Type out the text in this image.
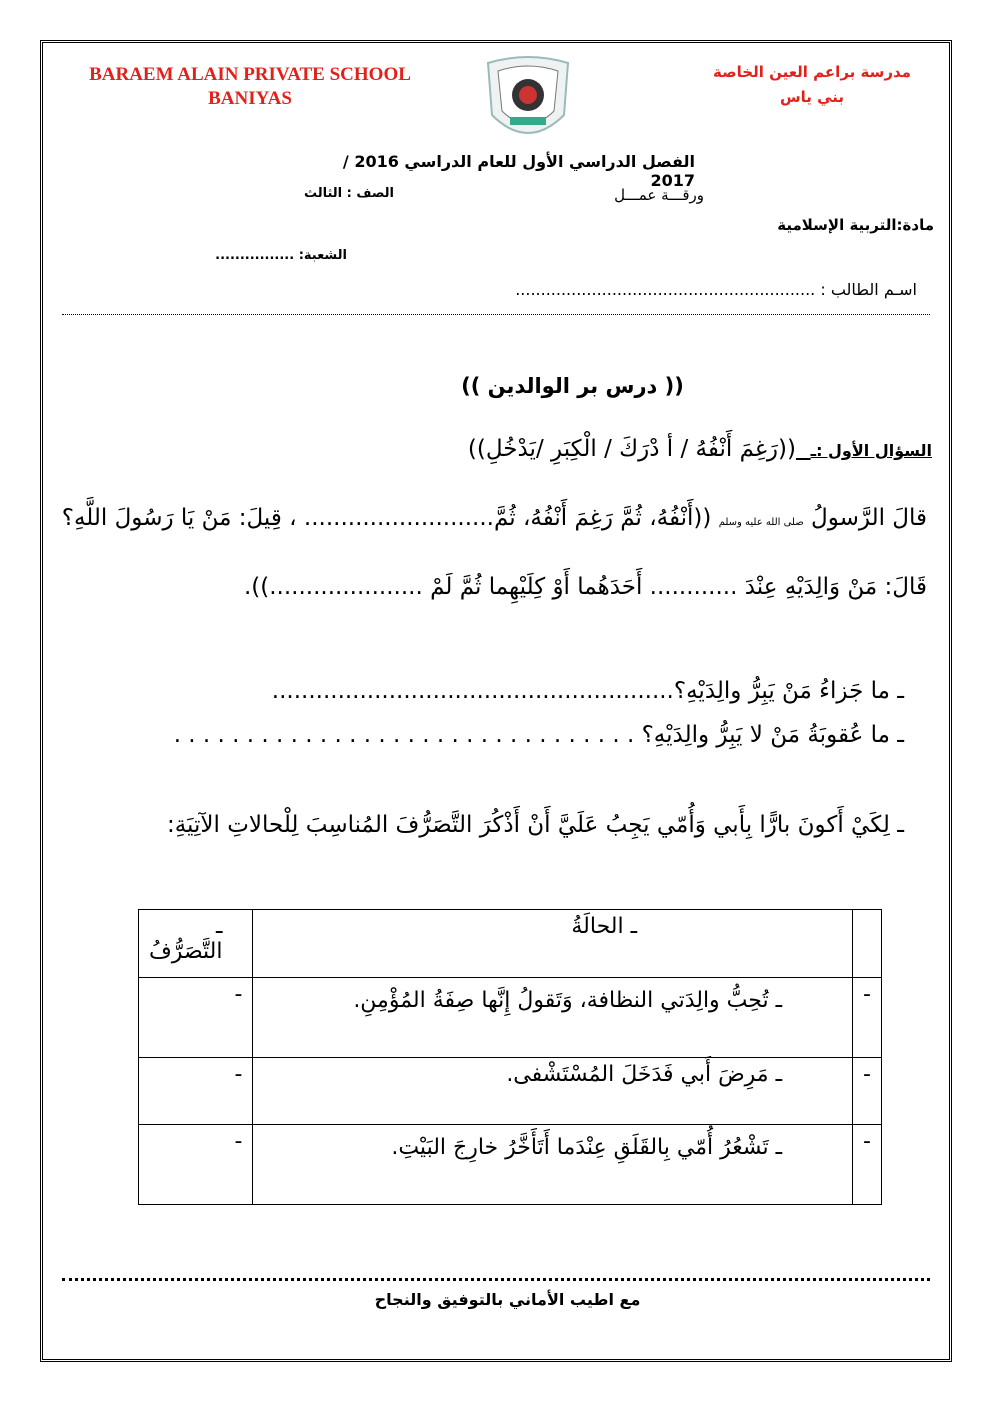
BARAEM ALAIN PRIVATE SCHOOL
BANIYAS
مدرسة براعم العين الخاصة
بني ياس
الفصل الدراسي الأول للعام الدراسي 2016 / 2017
ورقـــة عمـــل
الصف : الثالث
مادة:التربية الإسلامية
الشعبة: ................
اسـم الطالب : ...........................................................
(( درس بر الوالدين ))
السؤال الأول :ـ  ((رَغِمَ أَنْفُهُ / أ دْرَكَ / الْكِبَرِ /يَدْخُلِ))
قالَ الرَّسولُ صلى الله عليه وسلم ((أَنْفُهُ، ثُمَّ رَغِمَ أَنْفُهُ، ثُمَّ.......................... ، قِيلَ: مَنْ يَا رَسُولَ اللَّهِ؟
قَالَ: مَنْ وَالِدَيْهِ عِنْدَ ............ أَحَدَهُما أَوْ كِلَيْهِما ثُمَّ لَمْ .....................)).
ـ ما جَزاءُ مَنْ يَبِرُّ والِدَيْهِ؟.......................................................
ـ ما عُقوبَةُ مَنْ لا يَبِرُّ والِدَيْهِ؟ . . . . . . . . . . . . . . . . . . . . . . . . . . . . . . . .
ـ لِكَيْ أَكونَ بارًّا بِأَبي وَأُمّي يَجِبُ عَلَيَّ أَنْ أَذْكُرَ التَّصَرُّفَ المُناسِبَ لِلْحالاتِ الآتِيَةِ:
	ـ الحالَةُ	ـ التَّصَرُّفُ
-	ـ تُحِبُّ والِدَتي النظافة، وَتَقولُ إِنَّها صِفَةُ المُؤْمِنِ.	-
-	ـ مَرِضَ أَبي فَدَخَلَ المُسْتَشْفى.	-
-	ـ تَشْعُرُ أُمّي بِالقَلَقِ عِنْدَما أَتَأَخَّرُ خارِجَ البَيْتِ.	-
مع اطيب الأماني بالتوفيق والنجاح
